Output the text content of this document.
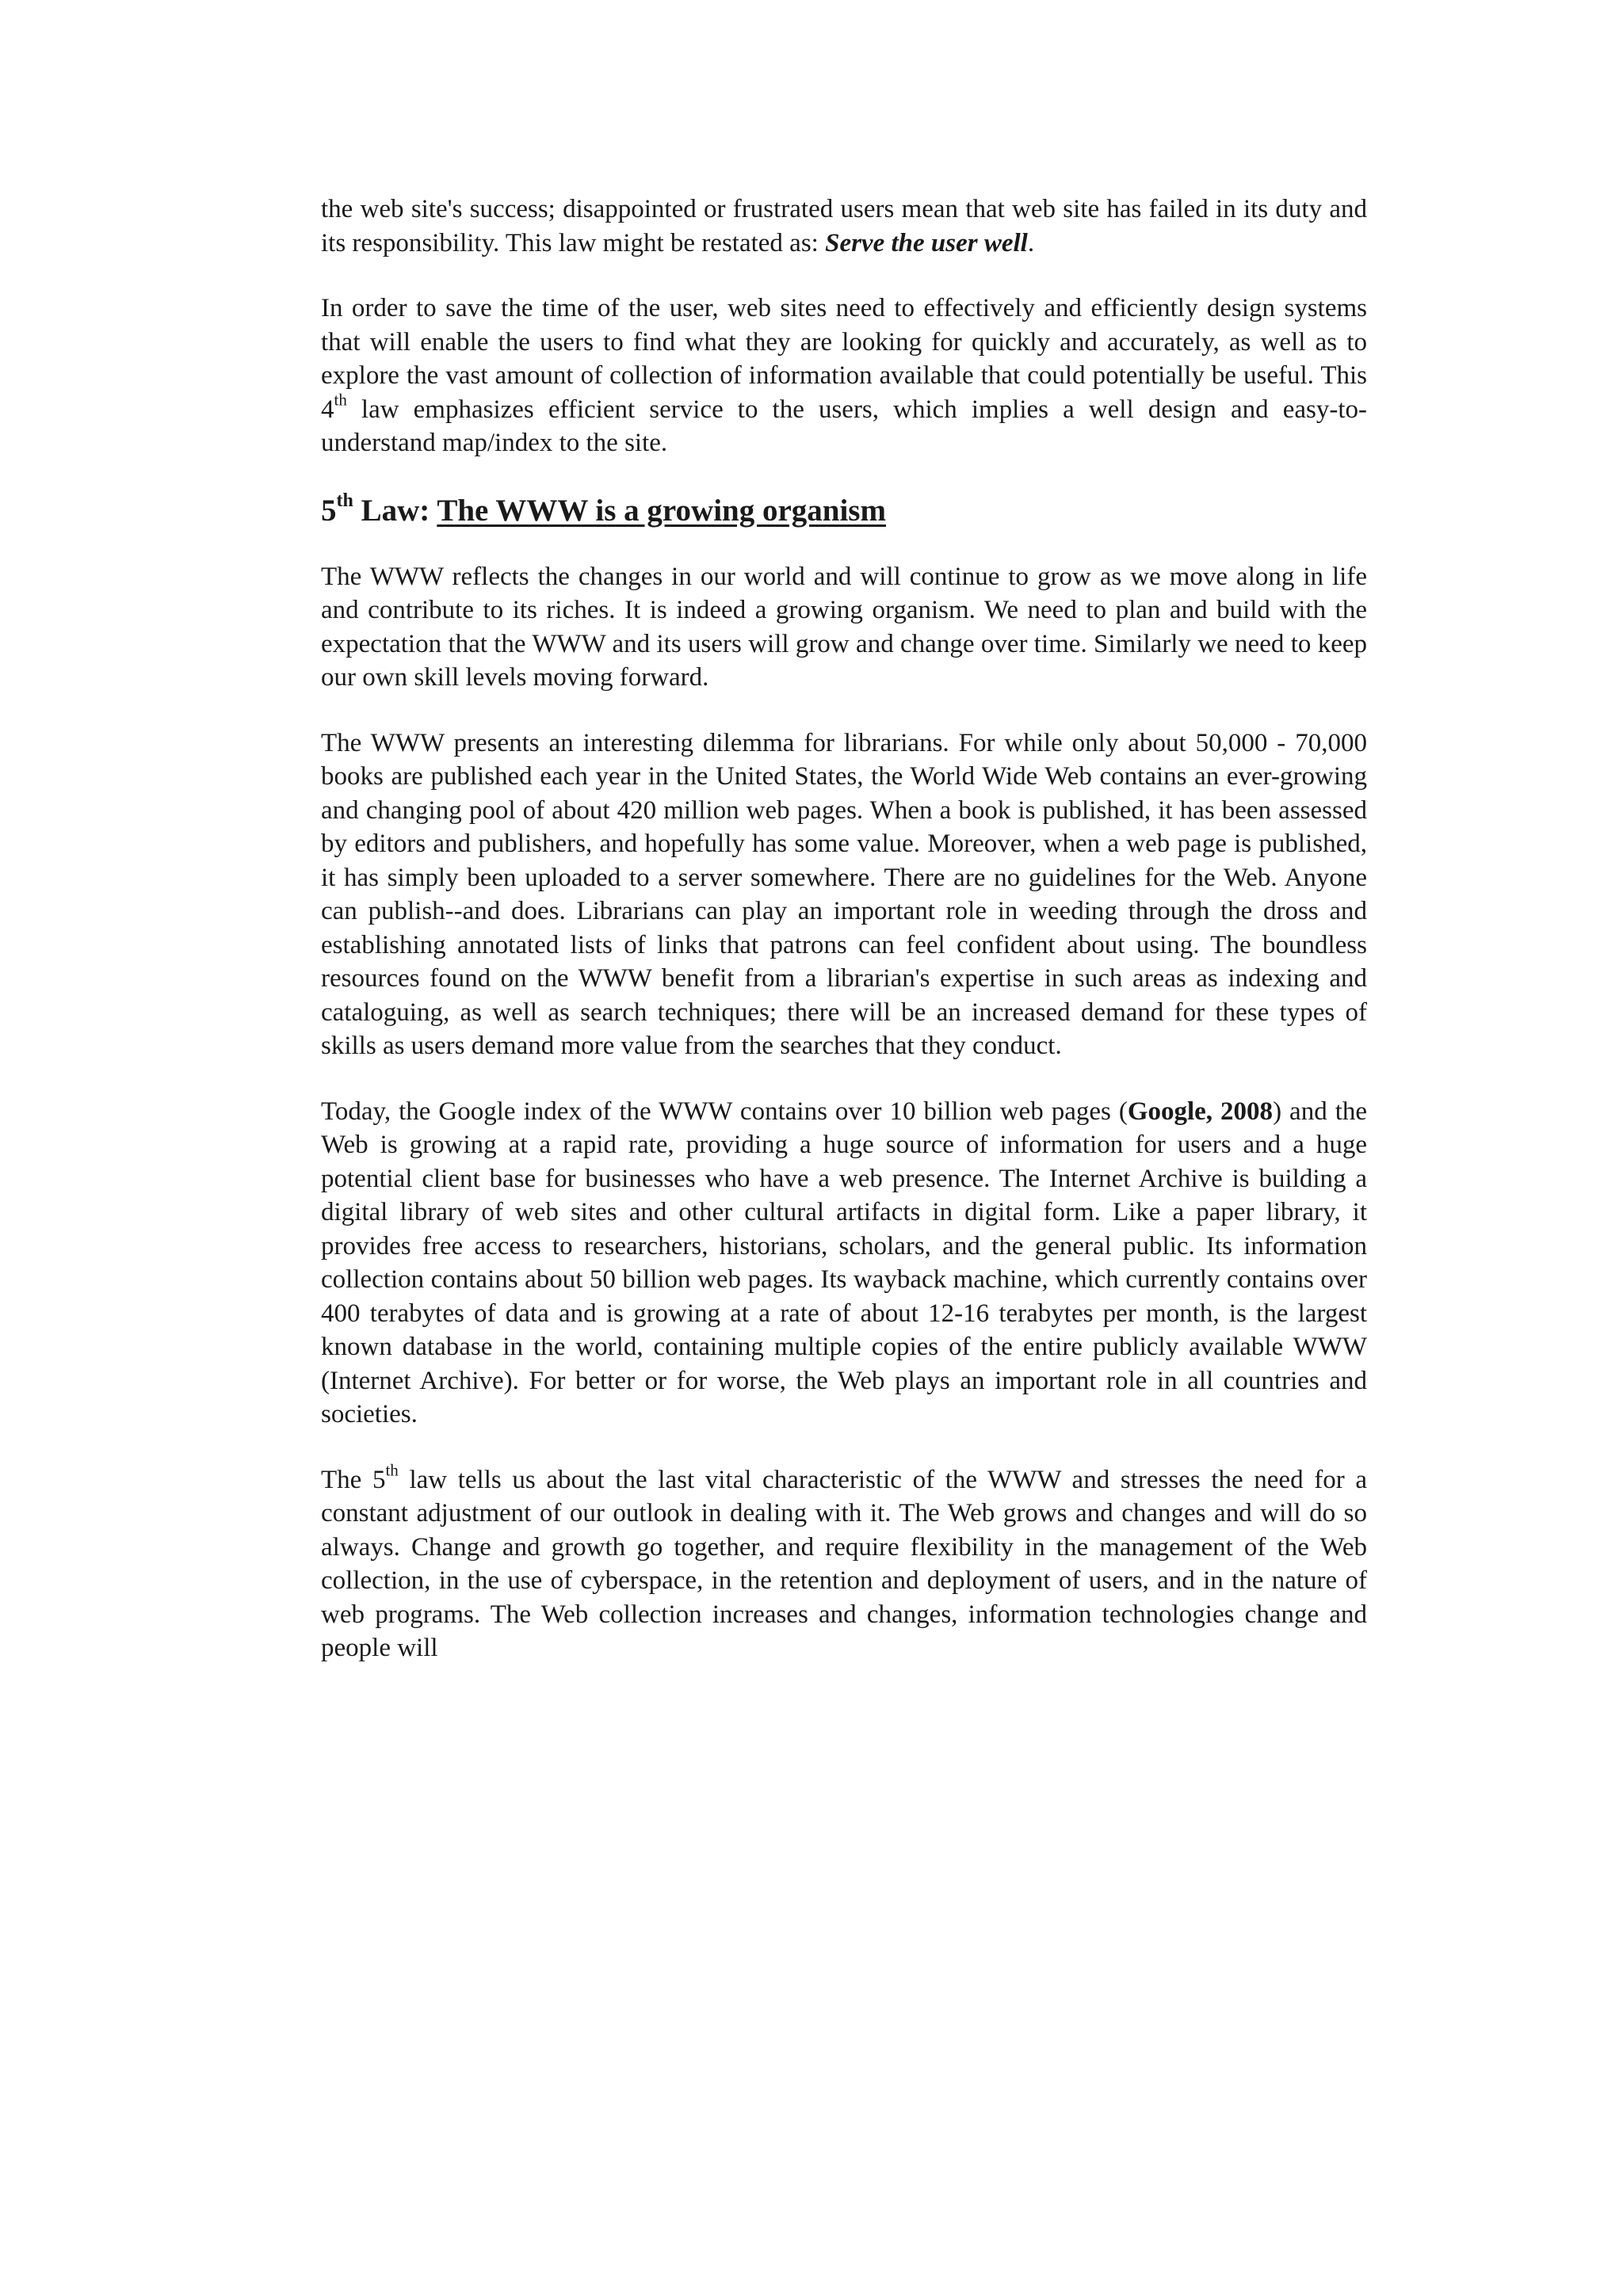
the web site's success; disappointed or frustrated users mean that web site has failed in its duty and its responsibility. This law might be restated as: Serve the user well.

In order to save the time of the user, web sites need to effectively and efficiently design systems that will enable the users to find what they are looking for quickly and accurately, as well as to explore the vast amount of collection of information available that could potentially be useful. This 4th law emphasizes efficient service to the users, which implies a well design and easy-to-understand map/index to the site.

5th Law: The WWW is a growing organism

The WWW reflects the changes in our world and will continue to grow as we move along in life and contribute to its riches. It is indeed a growing organism. We need to plan and build with the expectation that the WWW and its users will grow and change over time. Similarly we need to keep our own skill levels moving forward.

The WWW presents an interesting dilemma for librarians. For while only about 50,000 - 70,000 books are published each year in the United States, the World Wide Web contains an ever-growing and changing pool of about 420 million web pages. When a book is published, it has been assessed by editors and publishers, and hopefully has some value. Moreover, when a web page is published, it has simply been uploaded to a server somewhere. There are no guidelines for the Web. Anyone can publish--and does. Librarians can play an important role in weeding through the dross and establishing annotated lists of links that patrons can feel confident about using. The boundless resources found on the WWW benefit from a librarian's expertise in such areas as indexing and cataloguing, as well as search techniques; there will be an increased demand for these types of skills as users demand more value from the searches that they conduct.

Today, the Google index of the WWW contains over 10 billion web pages (Google, 2008) and the Web is growing at a rapid rate, providing a huge source of information for users and a huge potential client base for businesses who have a web presence. The Internet Archive is building a digital library of web sites and other cultural artifacts in digital form. Like a paper library, it provides free access to researchers, historians, scholars, and the general public. Its information collection contains about 50 billion web pages. Its wayback machine, which currently contains over 400 terabytes of data and is growing at a rate of about 12-16 terabytes per month, is the largest known database in the world, containing multiple copies of the entire publicly available WWW (Internet Archive). For better or for worse, the Web plays an important role in all countries and societies.

The 5th law tells us about the last vital characteristic of the WWW and stresses the need for a constant adjustment of our outlook in dealing with it. The Web grows and changes and will do so always. Change and growth go together, and require flexibility in the management of the Web collection, in the use of cyberspace, in the retention and deployment of users, and in the nature of web programs. The Web collection increases and changes, information technologies change and people will
